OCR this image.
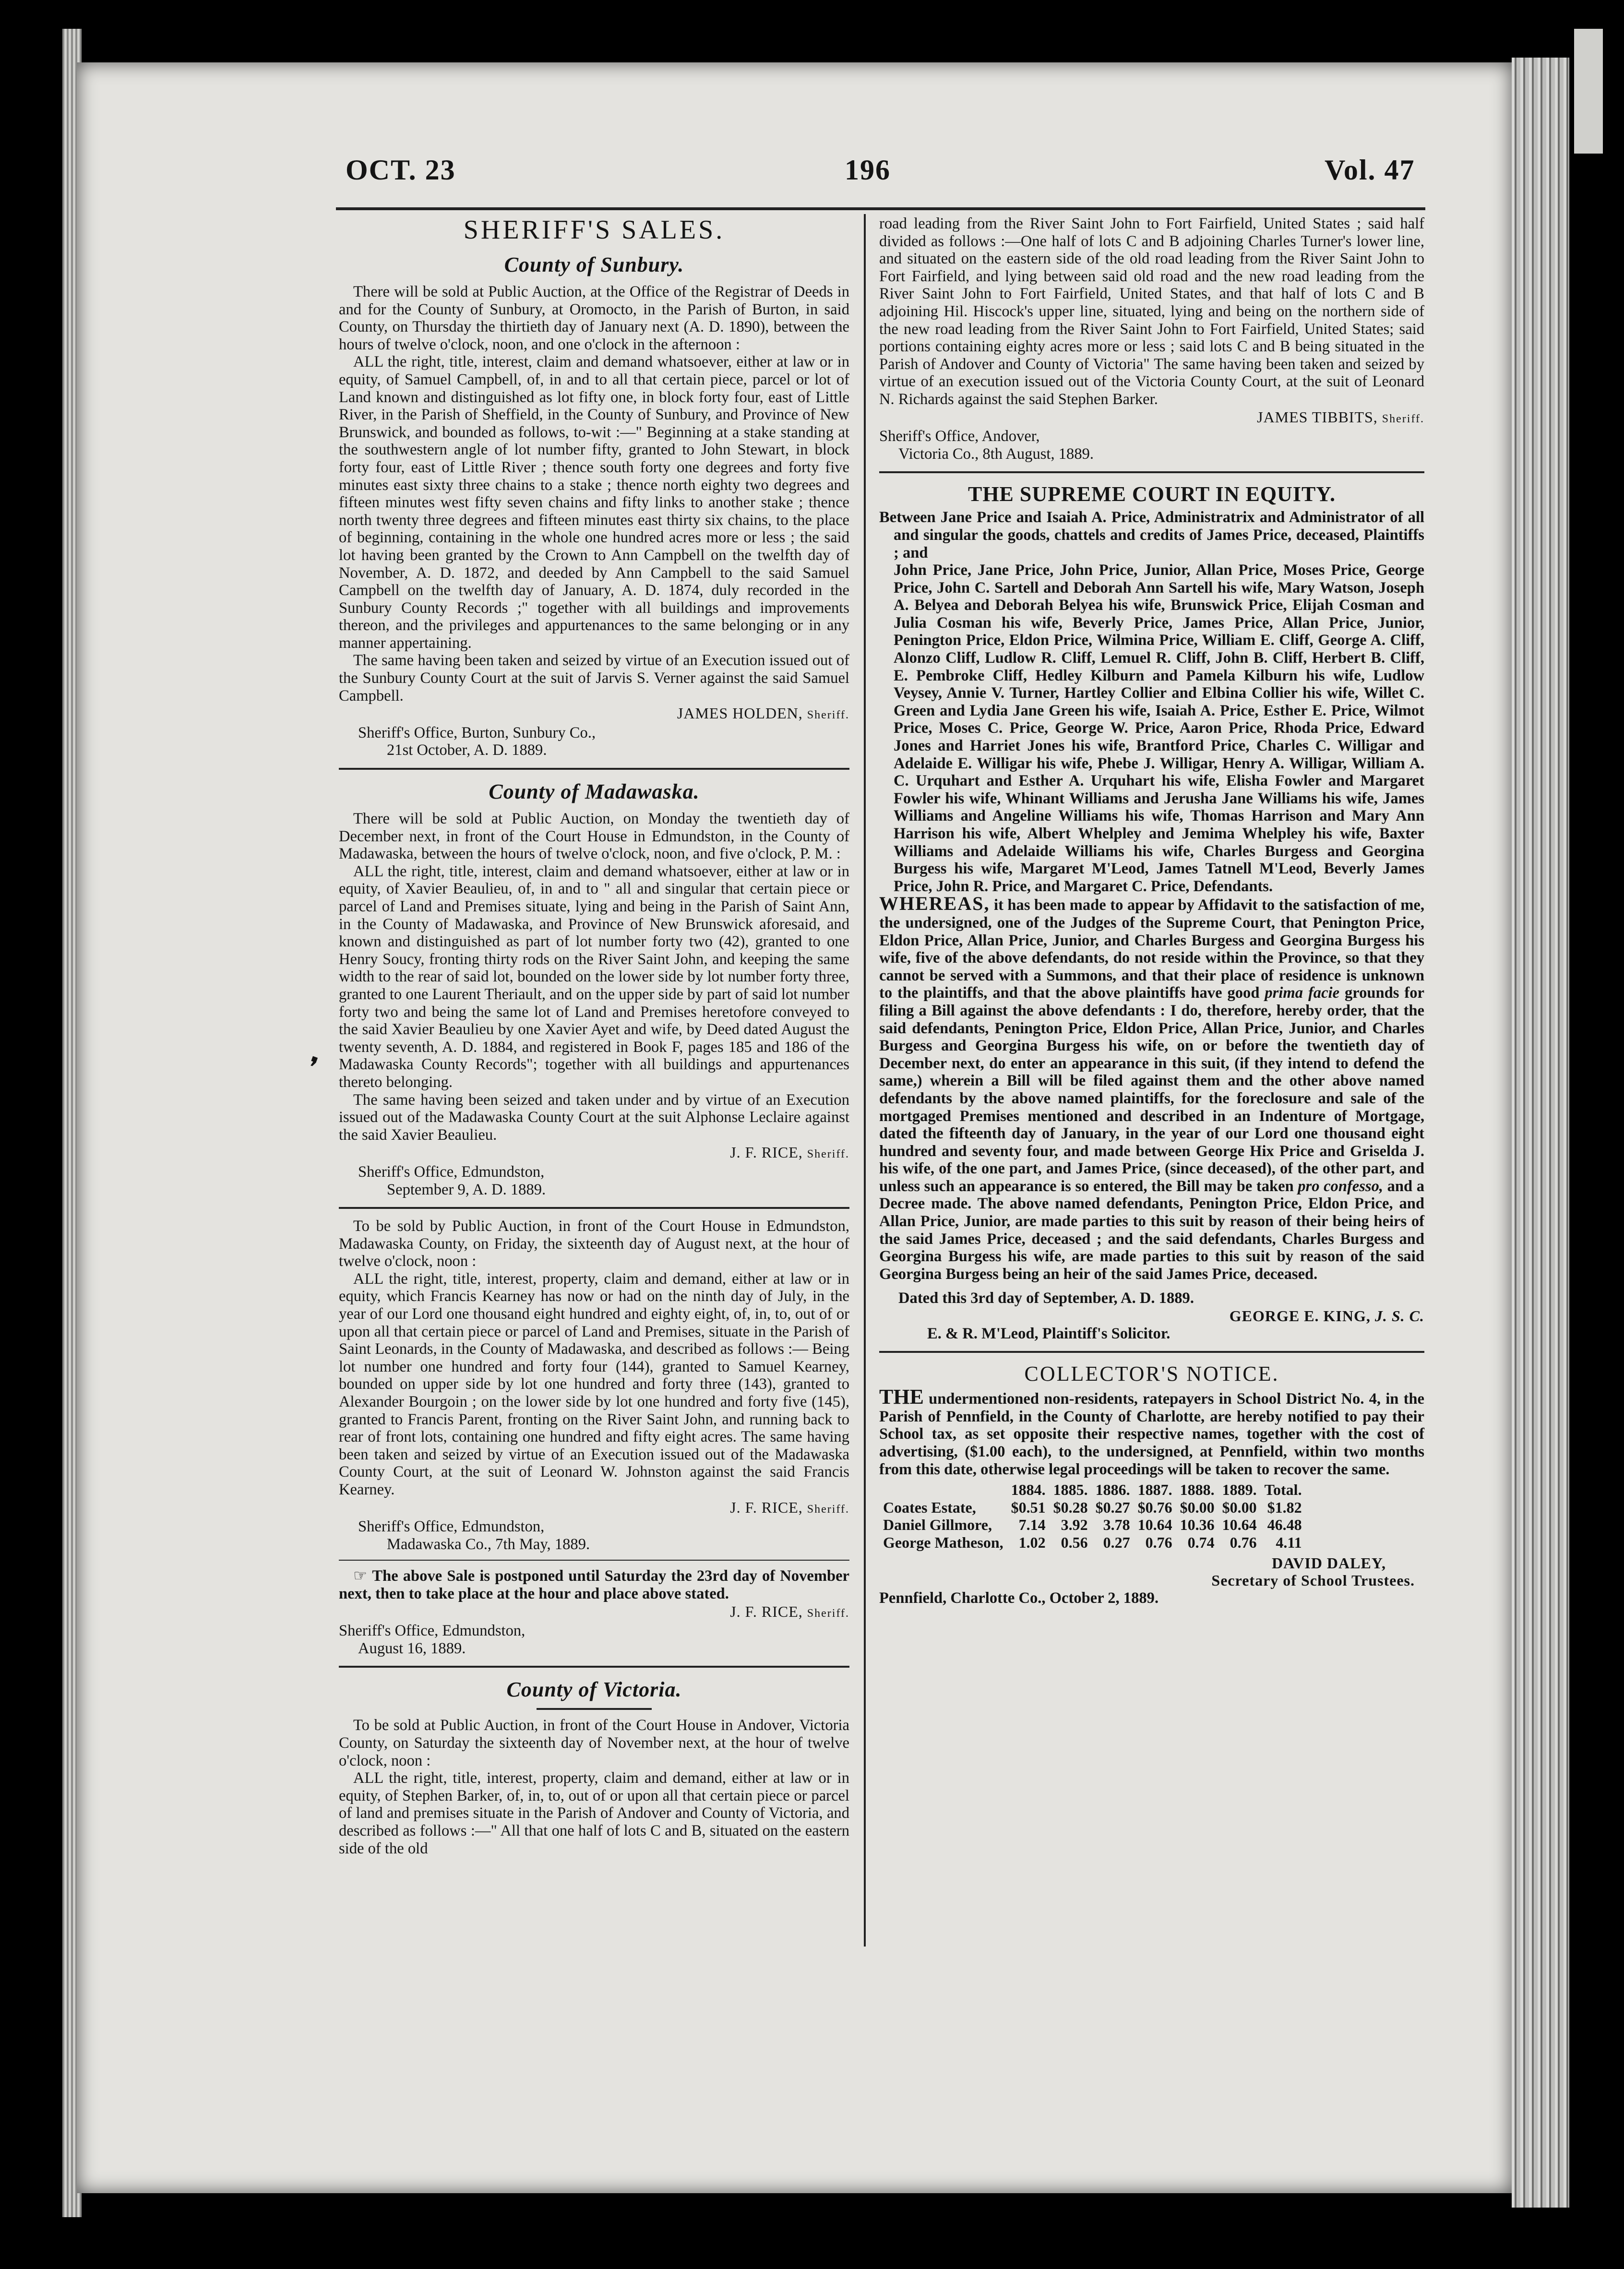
OCT. 23	196	Vol. 47
❜
SHERIFF'S SALES.
County of Sunbury.

There will be sold at Public Auction, at the Office of the Registrar of Deeds in and for the County of Sunbury, at Oromocto, in the Parish of Burton, in said County, on Thursday the thirtieth day of January next (A. D. 1890), between the hours of twelve o'clock, noon, and one o'clock in the afternoon :

ALL the right, title, interest, claim and demand whatsoever, either at law or in equity, of Samuel Campbell, of, in and to all that certain piece, parcel or lot of Land known and distinguished as lot fifty one, in block forty four, east of Little River, in the Parish of Sheffield, in the County of Sunbury, and Province of New Brunswick, and bounded as follows, to-wit :—" Beginning at a stake standing at the southwestern angle of lot number fifty, granted to John Stewart, in block forty four, east of Little River ; thence south forty one degrees and forty five minutes east sixty three chains to a stake ; thence north eighty two degrees and fifteen minutes west fifty seven chains and fifty links to another stake ; thence north twenty three degrees and fifteen minutes east thirty six chains, to the place of beginning, containing in the whole one hundred acres more or less ; the said lot having been granted by the Crown to Ann Campbell on the twelfth day of November, A. D. 1872, and deeded by Ann Campbell to the said Samuel Campbell on the twelfth day of January, A. D. 1874, duly recorded in the Sunbury County Records ;" together with all buildings and improvements thereon, and the privileges and appurtenances to the same belonging or in any manner appertaining.

The same having been taken and seized by virtue of an Execution issued out of the Sunbury County Court at the suit of Jarvis S. Verner against the said Samuel Campbell.

JAMES HOLDEN, Sheriff.

Sheriff's Office, Burton, Sunbury Co.,

21st October, A. D. 1889.

County of Madawaska.

There will be sold at Public Auction, on Monday the twentieth day of December next, in front of the Court House in Edmundston, in the County of Madawaska, between the hours of twelve o'clock, noon, and five o'clock, P. M. :

ALL the right, title, interest, claim and demand whatsoever, either at law or in equity, of Xavier Beaulieu, of, in and to " all and singular that certain piece or parcel of Land and Premises situate, lying and being in the Parish of Saint Ann, in the County of Madawaska, and Province of New Brunswick aforesaid, and known and distinguished as part of lot number forty two (42), granted to one Henry Soucy, fronting thirty rods on the River Saint John, and keeping the same width to the rear of said lot, bounded on the lower side by lot number forty three, granted to one Laurent Theriault, and on the upper side by part of said lot number forty two and being the same lot of Land and Premises heretofore conveyed to the said Xavier Beaulieu by one Xavier Ayet and wife, by Deed dated August the twenty seventh, A. D. 1884, and registered in Book F, pages 185 and 186 of the Madawaska County Records"; together with all buildings and appurtenances thereto belonging.

The same having been seized and taken under and by virtue of an Execution issued out of the Madawaska County Court at the suit Alphonse Leclaire against the said Xavier Beaulieu.

J. F. RICE, Sheriff.

Sheriff's Office, Edmundston,

September 9, A. D. 1889.

To be sold by Public Auction, in front of the Court House in Edmundston, Madawaska County, on Friday, the sixteenth day of August next, at the hour of twelve o'clock, noon :

ALL the right, title, interest, property, claim and demand, either at law or in equity, which Francis Kearney has now or had on the ninth day of July, in the year of our Lord one thousand eight hundred and eighty eight, of, in, to, out of or upon all that certain piece or parcel of Land and Premises, situate in the Parish of Saint Leonards, in the County of Madawaska, and described as follows :— Being lot number one hundred and forty four (144), granted to Samuel Kearney, bounded on upper side by lot one hundred and forty three (143), granted to Alexander Bourgoin ; on the lower side by lot one hundred and forty five (145), granted to Francis Parent, fronting on the River Saint John, and running back to rear of front lots, containing one hundred and fifty eight acres. The same having been taken and seized by virtue of an Execution issued out of the Madawaska County Court, at the suit of Leonard W. Johnston against the said Francis Kearney.

J. F. RICE, Sheriff.

Sheriff's Office, Edmundston,

Madawaska Co., 7th May, 1889.

☞ The above Sale is postponed until Saturday the 23rd day of November next, then to take place at the hour and place above stated.

J. F. RICE, Sheriff.

Sheriff's Office, Edmundston,

August 16, 1889.

County of Victoria.

To be sold at Public Auction, in front of the Court House in Andover, Victoria County, on Saturday the sixteenth day of November next, at the hour of twelve o'clock, noon :

ALL the right, title, interest, property, claim and demand, either at law or in equity, of Stephen Barker, of, in, to, out of or upon all that certain piece or parcel of land and premises situate in the Parish of Andover and County of Victoria, and described as follows :—" All that one half of lots C and B, situated on the eastern side of the old

road leading from the River Saint John to Fort Fairfield, United States ; said half divided as follows :—One half of lots C and B adjoining Charles Turner's lower line, and situated on the eastern side of the old road leading from the River Saint John to Fort Fairfield, and lying between said old road and the new road leading from the River Saint John to Fort Fairfield, United States, and that half of lots C and B adjoining Hil. Hiscock's upper line, situated, lying and being on the northern side of the new road leading from the River Saint John to Fort Fairfield, United States; said portions containing eighty acres more or less ; said lots C and B being situated in the Parish of Andover and County of Victoria" The same having been taken and seized by virtue of an execution issued out of the Victoria County Court, at the suit of Leonard N. Richards against the said Stephen Barker.

JAMES TIBBITS, Sheriff.

Sheriff's Office, Andover,

Victoria Co., 8th August, 1889.

THE SUPREME COURT IN EQUITY.

Between Jane Price and Isaiah A. Price, Administratrix and Administrator of all and singular the goods, chattels and credits of James Price, deceased, Plaintiffs ; and

John Price, Jane Price, John Price, Junior, Allan Price, Moses Price, George Price, John C. Sartell and Deborah Ann Sartell his wife, Mary Watson, Joseph A. Belyea and Deborah Belyea his wife, Brunswick Price, Elijah Cosman and Julia Cosman his wife, Beverly Price, James Price, Allan Price, Junior, Penington Price, Eldon Price, Wilmina Price, William E. Cliff, George A. Cliff, Alonzo Cliff, Ludlow R. Cliff, Lemuel R. Cliff, John B. Cliff, Herbert B. Cliff, E. Pembroke Cliff, Hedley Kilburn and Pamela Kilburn his wife, Ludlow Veysey, Annie V. Turner, Hartley Collier and Elbina Collier his wife, Willet C. Green and Lydia Jane Green his wife, Isaiah A. Price, Esther E. Price, Wilmot Price, Moses C. Price, George W. Price, Aaron Price, Rhoda Price, Edward Jones and Harriet Jones his wife, Brantford Price, Charles C. Willigar and Adelaide E. Willigar his wife, Phebe J. Willigar, Henry A. Willigar, William A. C. Urquhart and Esther A. Urquhart his wife, Elisha Fowler and Margaret Fowler his wife, Whinant Williams and Jerusha Jane Williams his wife, James Williams and Angeline Williams his wife, Thomas Harrison and Mary Ann Harrison his wife, Albert Whelpley and Jemima Whelpley his wife, Baxter Williams and Adelaide Williams his wife, Charles Burgess and Georgina Burgess his wife, Margaret M'Leod, James Tatnell M'Leod, Beverly James Price, John R. Price, and Margaret C. Price, Defendants.

WHEREAS, it has been made to appear by Affidavit to the satisfaction of me, the undersigned, one of the Judges of the Supreme Court, that Penington Price, Eldon Price, Allan Price, Junior, and Charles Burgess and Georgina Burgess his wife, five of the above defendants, do not reside within the Province, so that they cannot be served with a Summons, and that their place of residence is unknown to the plaintiffs, and that the above plaintiffs have good prima facie grounds for filing a Bill against the above defendants : I do, therefore, hereby order, that the said defendants, Penington Price, Eldon Price, Allan Price, Junior, and Charles Burgess and Georgina Burgess his wife, on or before the twentieth day of December next, do enter an appearance in this suit, (if they intend to defend the same,) wherein a Bill will be filed against them and the other above named defendants by the above named plaintiffs, for the foreclosure and sale of the mortgaged Premises mentioned and described in an Indenture of Mortgage, dated the fifteenth day of January, in the year of our Lord one thousand eight hundred and seventy four, and made between George Hix Price and Griselda J. his wife, of the one part, and James Price, (since deceased), of the other part, and unless such an appearance is so entered, the Bill may be taken pro confesso, and a Decree made. The above named defendants, Penington Price, Eldon Price, and Allan Price, Junior, are made parties to this suit by reason of their being heirs of the said James Price, deceased ; and the said defendants, Charles Burgess and Georgina Burgess his wife, are made parties to this suit by reason of the said Georgina Burgess being an heir of the said James Price, deceased.

Dated this 3rd day of September, A. D. 1889.

GEORGE E. KING, J. S. C.

E. & R. M'Leod, Plaintiff's Solicitor.

COLLECTOR'S NOTICE.

THE undermentioned non-residents, ratepayers in School District No. 4, in the Parish of Pennfield, in the County of Charlotte, are hereby notified to pay their School tax, as set opposite their respective names, together with the cost of advertising, ($1.00 each), to the undersigned, at Pennfield, within two months from this date, otherwise legal proceedings will be taken to recover the same.

	1884.	1885.	1886.	1887.	1888.	1889.	Total.
Coates Estate,	$0.51	$0.28	$0.27	$0.76	$0.00	$0.00	$1.82
Daniel Gillmore,	7.14	3.92	3.78	10.64	10.36	10.64	46.48
George Matheson,	1.02	0.56	0.27	0.76	0.74	0.76	4.11

DAVID DALEY,

Secretary of School Trustees.

Pennfield, Charlotte Co., October 2, 1889.
